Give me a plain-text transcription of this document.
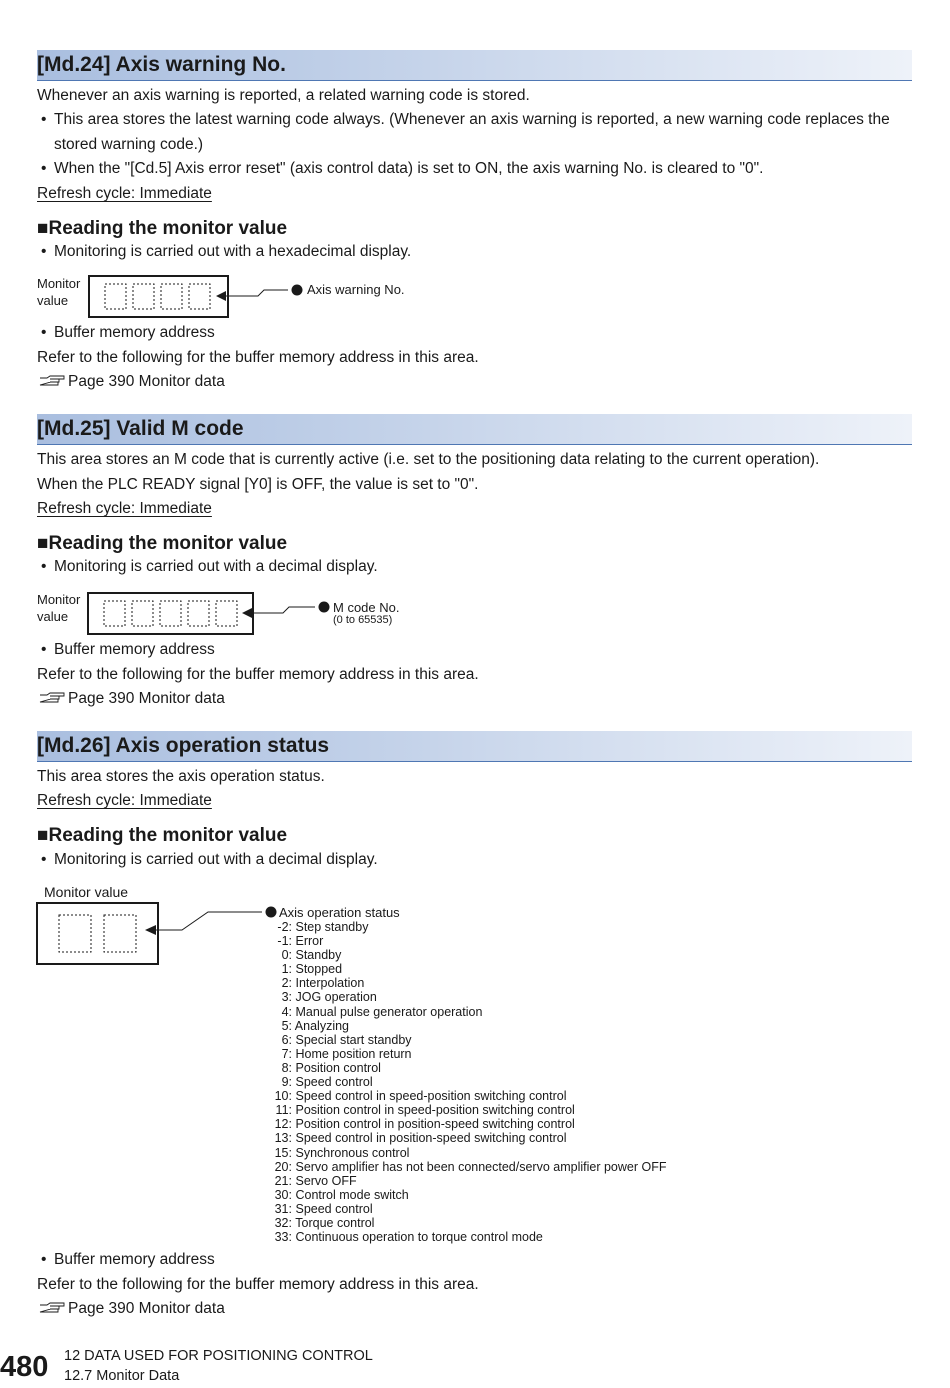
[Md.24] Axis warning No.
Whenever an axis warning is reported, a related warning code is stored.
• This area stores the latest warning code always. (Whenever an axis warning is reported, a new warning code replaces the
stored warning code.)
• When the "[Cd.5] Axis error reset" (axis control data) is set to ON, the axis warning No. is cleared to "0".
Refresh cycle: Immediate
■Reading the monitor value
• Monitoring is carried out with a hexadecimal display.
Monitor
value
Axis warning No.
• Buffer memory address
Refer to the following for the buffer memory address in this area.
Page 390 Monitor data
[Md.25] Valid M code
This area stores an M code that is currently active (i.e. set to the positioning data relating to the current operation).
When the PLC READY signal [Y0] is OFF, the value is set to "0".
Refresh cycle: Immediate
■Reading the monitor value
• Monitoring is carried out with a decimal display.
Monitor
value
M code No.
(0 to 65535)
• Buffer memory address
Refer to the following for the buffer memory address in this area.
Page 390 Monitor data
[Md.26] Axis operation status
This area stores the axis operation status.
Refresh cycle: Immediate
■Reading the monitor value
• Monitoring is carried out with a decimal display.
Monitor value
Axis operation status
-2: Step standby
-1: Error
0: Standby
1: Stopped
2: Interpolation
3: JOG operation
4: Manual pulse generator operation
5: Analyzing
6: Special start standby
7: Home position return
8: Position control
9: Speed control
10: Speed control in speed-position switching control
11: Position control in speed-position switching control
12: Position control in position-speed switching control
13: Speed control in position-speed switching control
15: Synchronous control
20: Servo amplifier has not been connected/servo amplifier power OFF
21: Servo OFF
30: Control mode switch
31: Speed control
32: Torque control
33: Continuous operation to torque control mode
• Buffer memory address
Refer to the following for the buffer memory address in this area.
Page 390 Monitor data
480 12 DATA USED FOR POSITIONING CONTROL
12.7 Monitor Data
